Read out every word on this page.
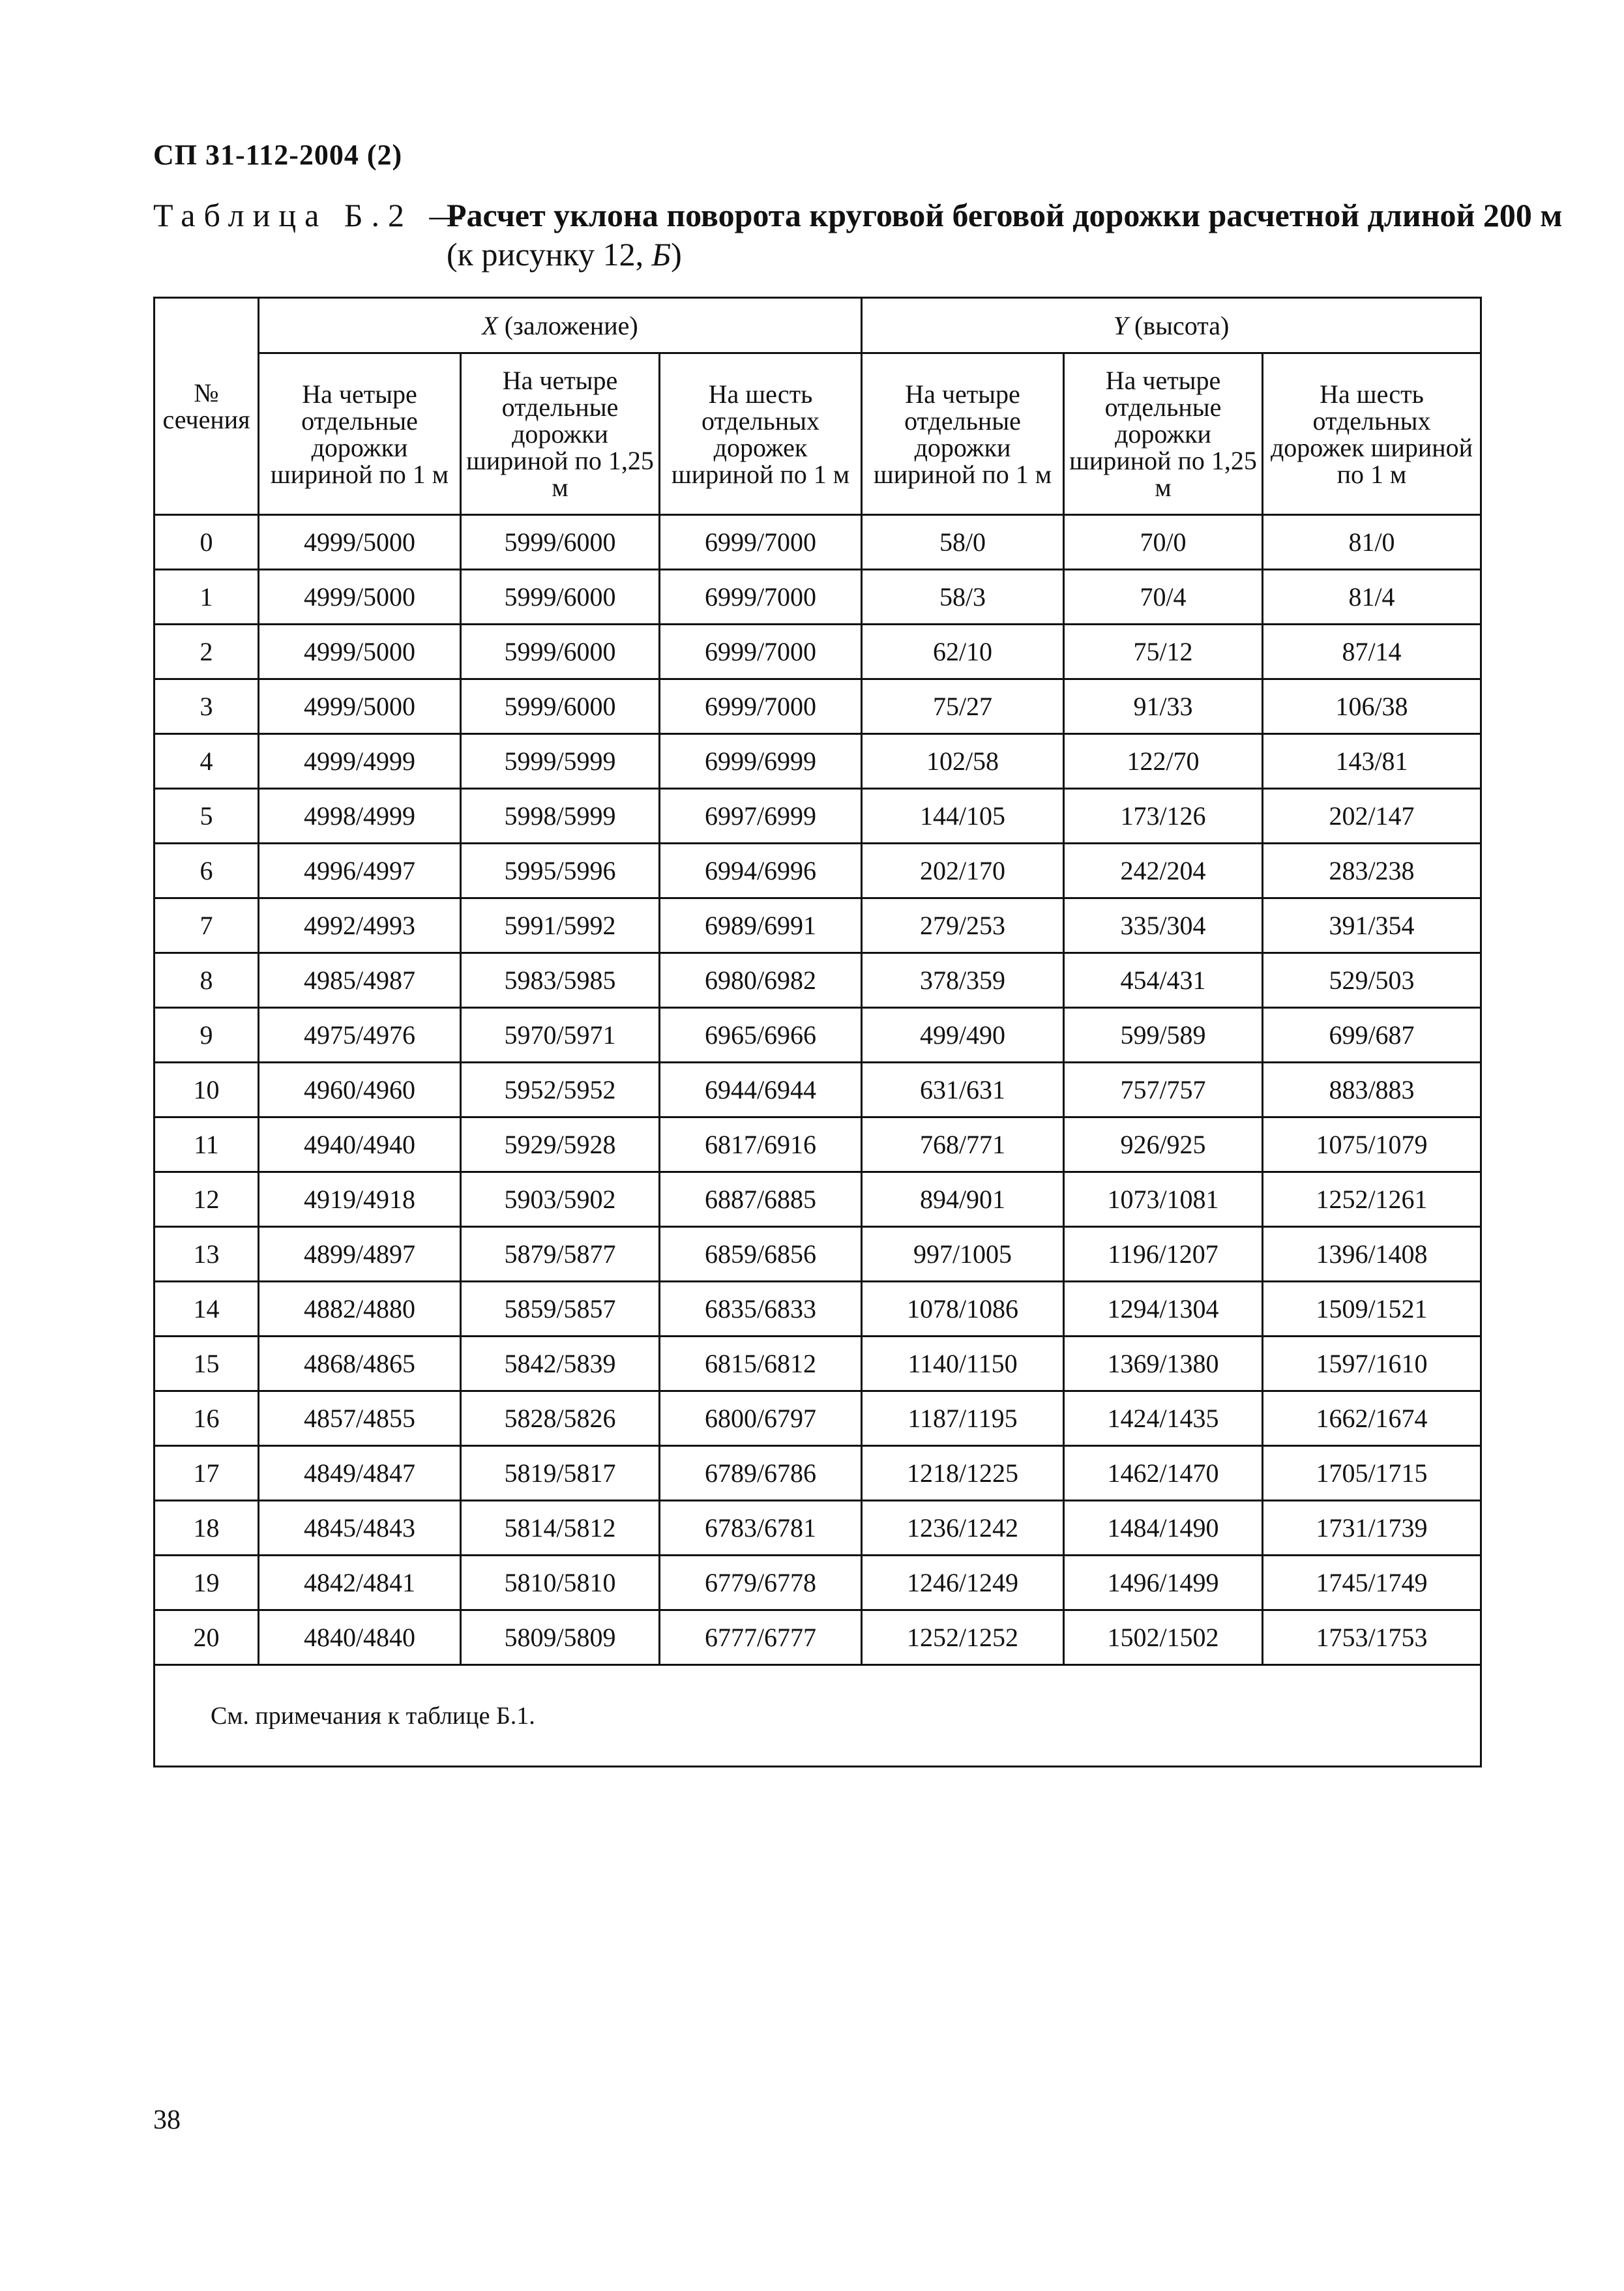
СП 31-112-2004 (2)
Таблица Б.2 —
Расчет уклона поворота круговой беговой дорожки расчетной длиной 200 м
(к рисунку 12, Б)
№ сечения	X (заложение)			Y (высота)		
	На четыре отдельные дорожки шириной по 1 м	На четыре отдельные дорожки шириной по 1,25 м	На шесть отдельных дорожек шириной по 1 м	На четыре отдельные дорожки шириной по 1 м	На четыре отдельные дорожки шириной по 1,25 м	На шесть отдельных дорожек шириной по 1 м
0	4999/5000	5999/6000	6999/7000	58/0	70/0	81/0
1	4999/5000	5999/6000	6999/7000	58/3	70/4	81/4
2	4999/5000	5999/6000	6999/7000	62/10	75/12	87/14
3	4999/5000	5999/6000	6999/7000	75/27	91/33	106/38
4	4999/4999	5999/5999	6999/6999	102/58	122/70	143/81
5	4998/4999	5998/5999	6997/6999	144/105	173/126	202/147
6	4996/4997	5995/5996	6994/6996	202/170	242/204	283/238
7	4992/4993	5991/5992	6989/6991	279/253	335/304	391/354
8	4985/4987	5983/5985	6980/6982	378/359	454/431	529/503
9	4975/4976	5970/5971	6965/6966	499/490	599/589	699/687
10	4960/4960	5952/5952	6944/6944	631/631	757/757	883/883
11	4940/4940	5929/5928	6817/6916	768/771	926/925	1075/1079
12	4919/4918	5903/5902	6887/6885	894/901	1073/1081	1252/1261
13	4899/4897	5879/5877	6859/6856	997/1005	1196/1207	1396/1408
14	4882/4880	5859/5857	6835/6833	1078/1086	1294/1304	1509/1521
15	4868/4865	5842/5839	6815/6812	1140/1150	1369/1380	1597/1610
16	4857/4855	5828/5826	6800/6797	1187/1195	1424/1435	1662/1674
17	4849/4847	5819/5817	6789/6786	1218/1225	1462/1470	1705/1715
18	4845/4843	5814/5812	6783/6781	1236/1242	1484/1490	1731/1739
19	4842/4841	5810/5810	6779/6778	1246/1249	1496/1499	1745/1749
20	4840/4840	5809/5809	6777/6777	1252/1252	1502/1502	1753/1753
См. примечания к таблице Б.1.						
38
